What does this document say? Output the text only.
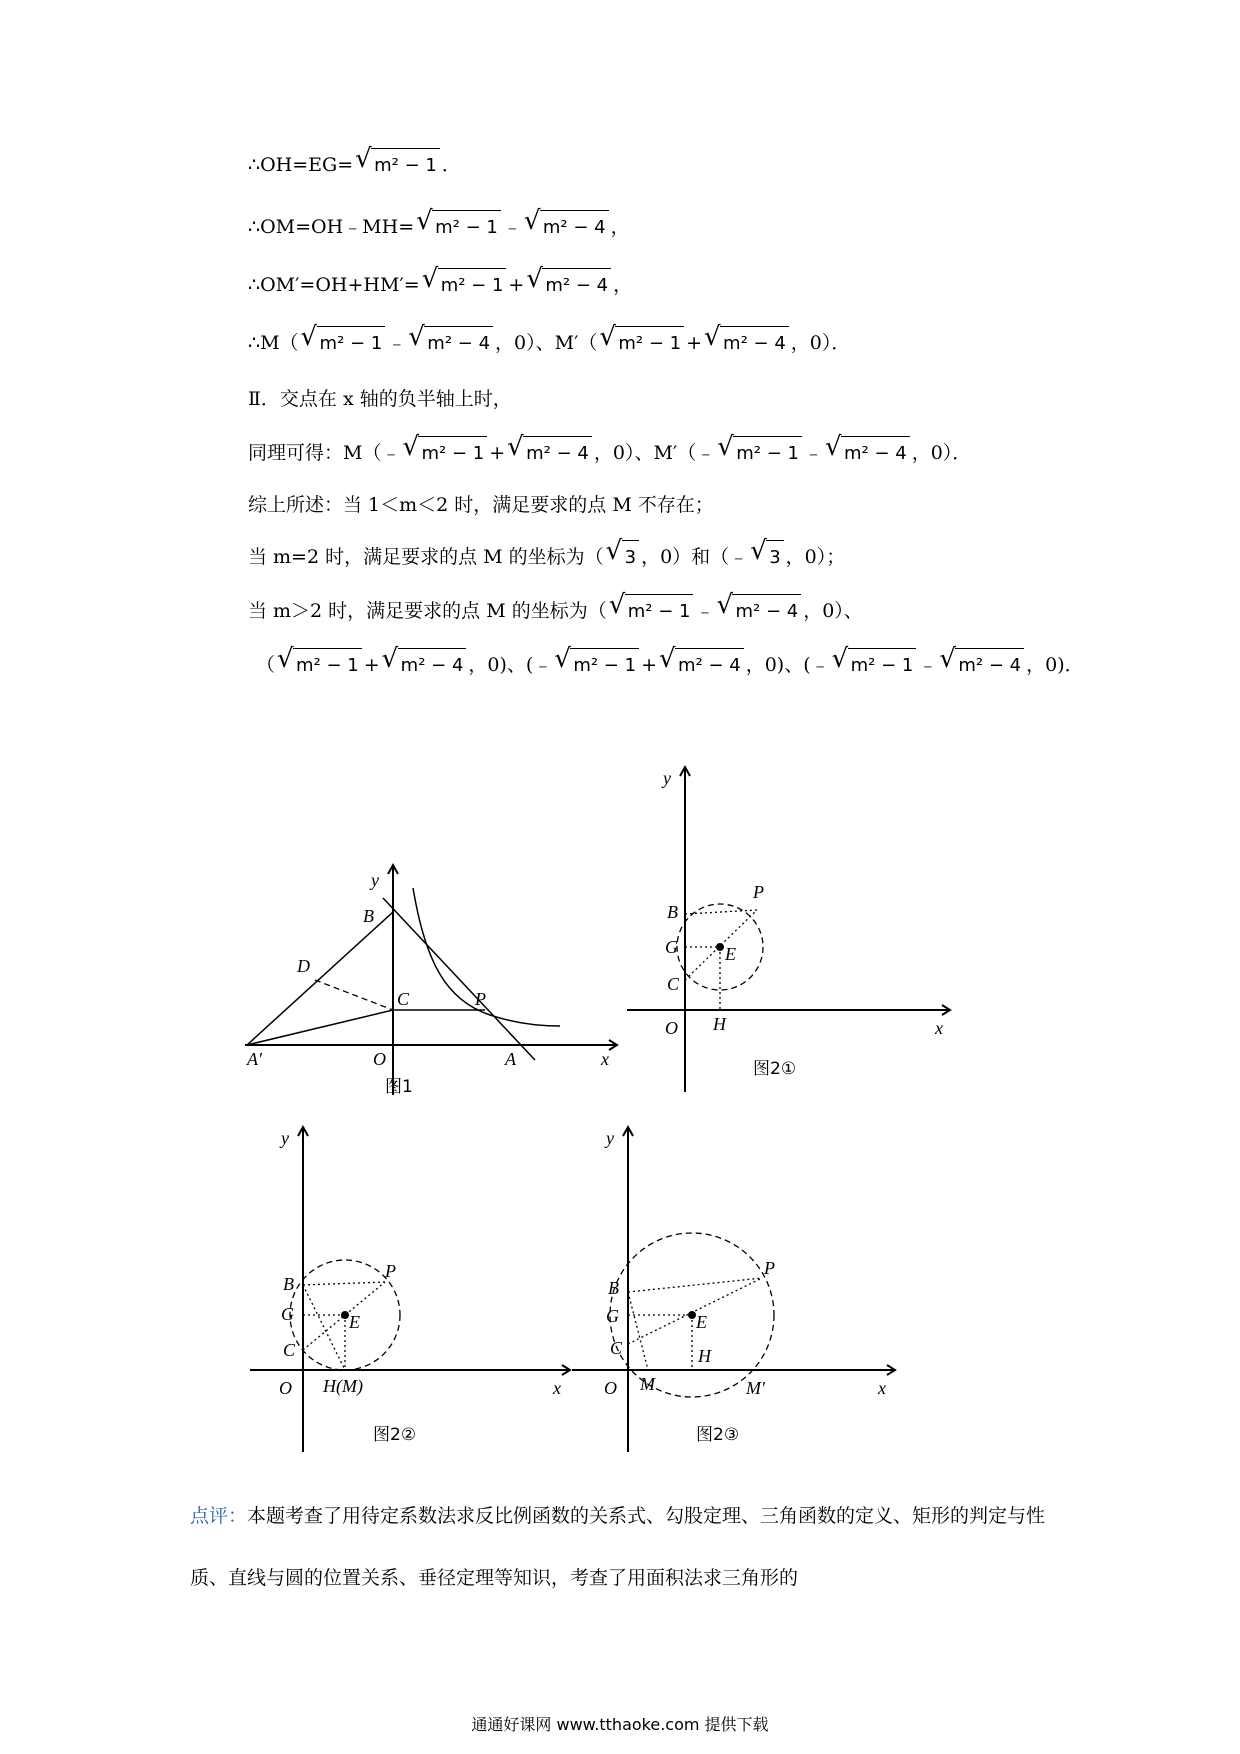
∴OH=EG= √ m² − 1 ．
∴OM=OH﹣MH= √ m² − 1 ﹣ √ m² − 4 ，
∴OM′=OH+HM′= √ m² − 1 + √ m² − 4 ，
∴M（ √ m² − 1 ﹣ √ m² − 4 ，0）、M′（ √ m² − 1 + √ m² − 4 ，0）．
Ⅱ．交点在 x 轴的负半轴上时，
同理可得：M（﹣ √ m² − 1 + √ m² − 4 ，0）、M′（﹣ √ m² − 1 ﹣ √ m² − 4 ，0）．
综上所述：当 1＜m＜2 时，满足要求的点 M 不存在；
当 m=2 时，满足要求的点 M 的坐标为（ √ 3 ，0）和（﹣ √ 3 ，0）；
当 m＞2 时，满足要求的点 M 的坐标为（ √ m² − 1 ﹣ √ m² − 4 ，0）、
（ √ m² − 1 + √ m² − 4 ，0)、(﹣ √ m² − 1 + √ m² − 4 ，0)、(﹣ √ m² − 1 ﹣ √ m² − 4 ，0)．
y
B
D
C	P
A′	O	A	x
图1
y
B
P
G	E
C
O H	x
图2①
y
B
P
G	E
C
O H(M)	x
图2②
y
B
P
G	E
C
O M
H
M′	x
图2③
点评：本题考查了用待定系数法求反比例函数的关系式、勾股定理、三角函数的定义、矩形的判定与性质、直线与圆的位置关系、垂径定理等知识，考查了用面积法求三角形的
通通好课网 www.tthaoke.com 提供下载
